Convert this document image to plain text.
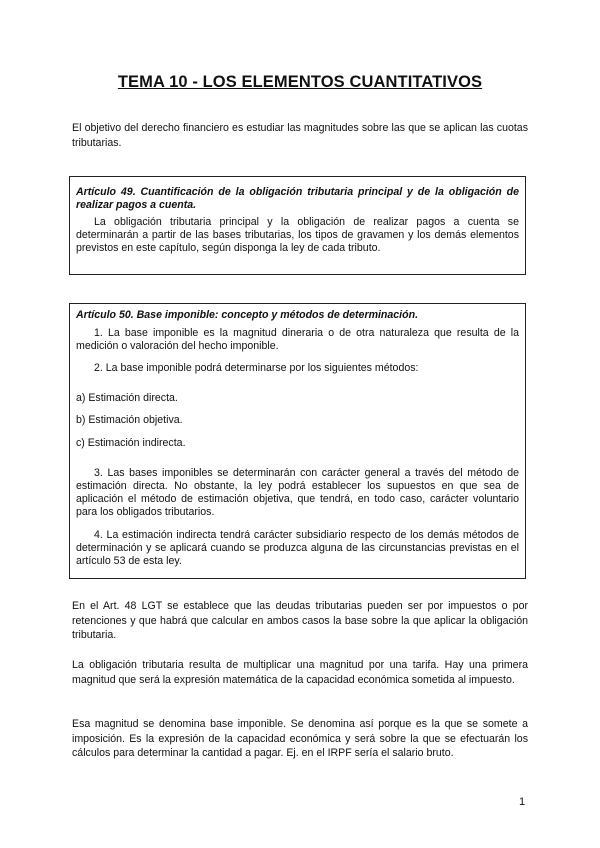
TEMA 10 - LOS ELEMENTOS CUANTITATIVOS

El objetivo del derecho financiero es estudiar las magnitudes sobre las que se aplican las cuotas tributarias.

Artículo 49. Cuantificación de la obligación tributaria principal y de la obligación de realizar pagos a cuenta.

La obligación tributaria principal y la obligación de realizar pagos a cuenta se determinarán a partir de las bases tributarias, los tipos de gravamen y los demás elementos previstos en este capítulo, según disponga la ley de cada tributo.

Artículo 50. Base imponible: concepto y métodos de determinación.

1. La base imponible es la magnitud dineraria o de otra naturaleza que resulta de la medición o valoración del hecho imponible.

2. La base imponible podrá determinarse por los siguientes métodos:

a) Estimación directa.

b) Estimación objetiva.

c) Estimación indirecta.

3. Las bases imponibles se determinarán con carácter general a través del método de estimación directa. No obstante, la ley podrá establecer los supuestos en que sea de aplicación el método de estimación objetiva, que tendrá, en todo caso, carácter voluntario para los obligados tributarios.

4. La estimación indirecta tendrá carácter subsidiario respecto de los demás métodos de determinación y se aplicará cuando se produzca alguna de las circunstancias previstas en el artículo 53 de esta ley.

En el Art. 48 LGT se establece que las deudas tributarias pueden ser por impuestos o por retenciones y que habrá que calcular en ambos casos la base sobre la que aplicar la obligación tributaria.

La obligación tributaria resulta de multiplicar una magnitud por una tarifa. Hay una primera magnitud que será la expresión matemática de la capacidad económica sometida al impuesto.

Esa magnitud se denomina base imponible. Se denomina así porque es la que se somete a imposición. Es la expresión de la capacidad económica y será sobre la que se efectuarán los cálculos para determinar la cantidad a pagar. Ej. en el IRPF sería el salario bruto.

1
